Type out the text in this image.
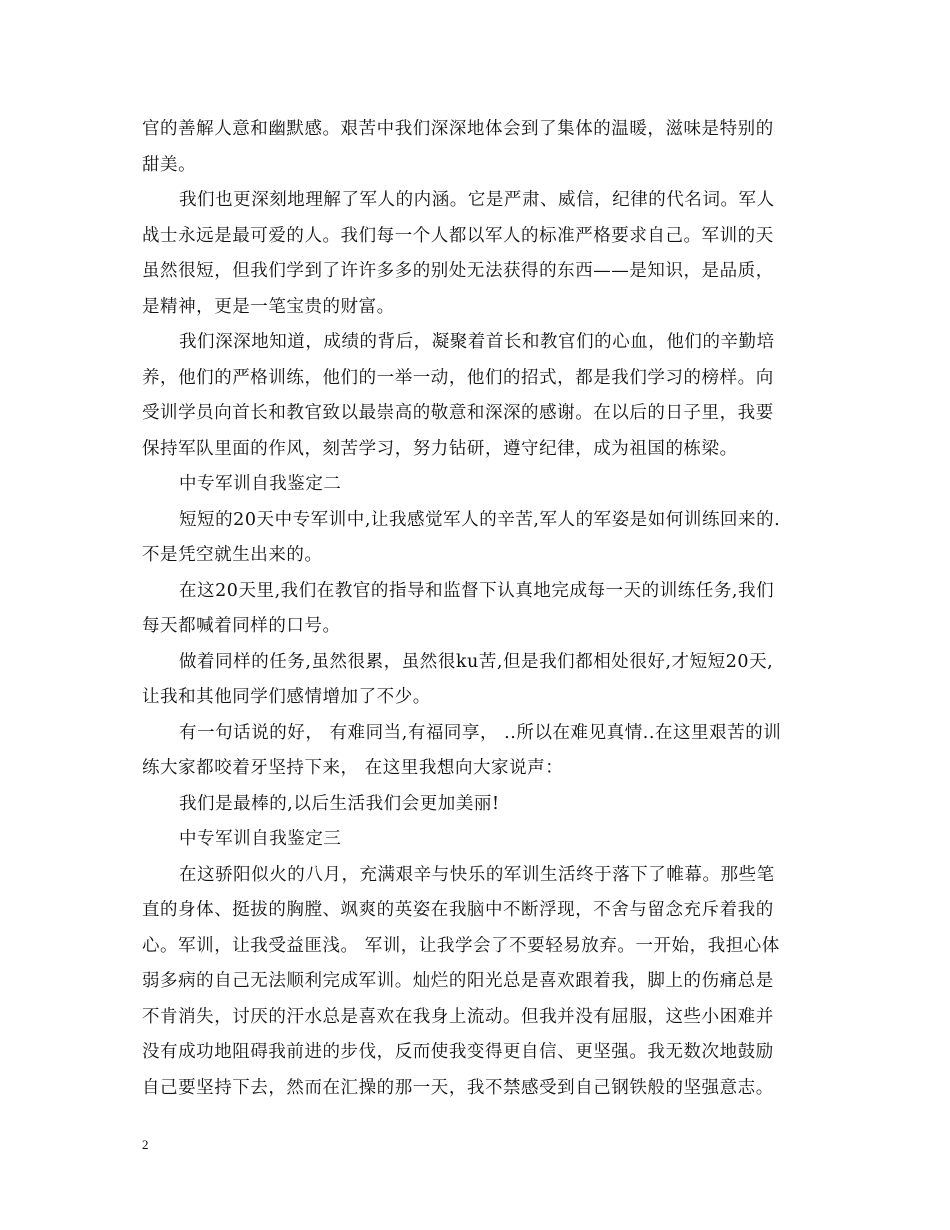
官的善解人意和幽默感。艰苦中我们深深地体会到了集体的温暖，滋味是特别的
甜美。
我们也更深刻地理解了军人的内涵。它是严肃、威信，纪律的代名词。军人
战士永远是最可爱的人。我们每一个人都以军人的标准严格要求自己。军训的天
虽然很短，但我们学到了许许多多的别处无法获得的东西——是知识，是品质，
是精神，更是一笔宝贵的财富。
我们深深地知道，成绩的背后，凝聚着首长和教官们的心血，他们的辛勤培
养，他们的严格训练，他们的一举一动，他们的招式，都是我们学习的榜样。向
受训学员向首长和教官致以最崇高的敬意和深深的感谢。在以后的日子里，我要
保持军队里面的作风，刻苦学习，努力钻研，遵守纪律，成为祖国的栋梁。
中专军训自我鉴定二
短短的20天中专军训中,让我感觉军人的辛苦,军人的军姿是如何训练回来的.
不是凭空就生出来的。
在这20天里,我们在教官的指导和监督下认真地完成每一天的训练任务,我们
每天都喊着同样的口号。
做着同样的任务,虽然很累，虽然很ku苦,但是我们都相处很好,才短短20天,
让我和其他同学们感情增加了不少。
有一句话说的好， 有难同当,有福同享， ..所以在难见真情..在这里艰苦的训
练大家都咬着牙坚持下来， 在这里我想向大家说声：
我们是最棒的,以后生活我们会更加美丽!
中专军训自我鉴定三
在这骄阳似火的八月，充满艰辛与快乐的军训生活终于落下了帷幕。那些笔
直的身体、挺拔的胸膛、飒爽的英姿在我脑中不断浮现，不舍与留念充斥着我的
心。军训，让我受益匪浅。 军训，让我学会了不要轻易放弃。一开始，我担心体
弱多病的自己无法顺利完成军训。灿烂的阳光总是喜欢跟着我，脚上的伤痛总是
不肯消失，讨厌的汗水总是喜欢在我身上流动。但我并没有屈服，这些小困难并
没有成功地阻碍我前进的步伐，反而使我变得更自信、更坚强。我无数次地鼓励
自己要坚持下去，然而在汇操的那一天，我不禁感受到自己钢铁般的坚强意志。
2
